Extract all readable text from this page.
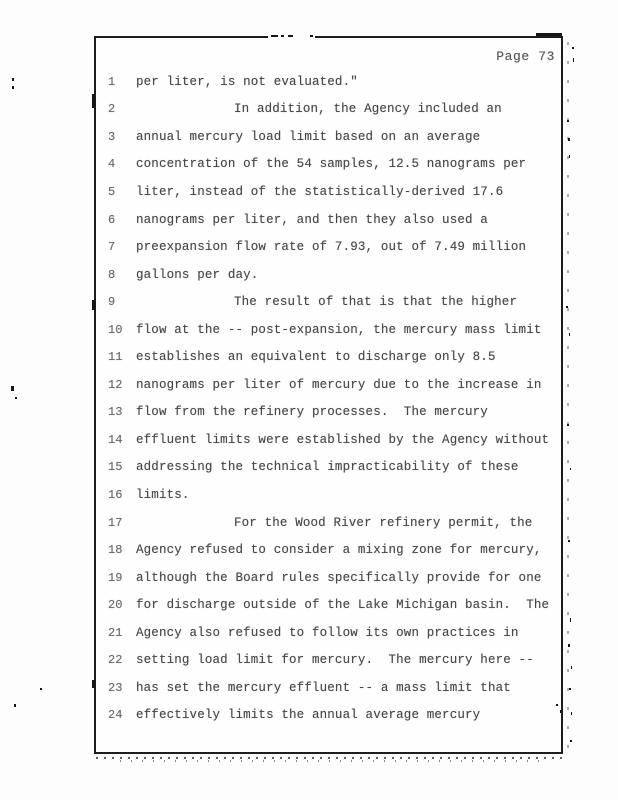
Page 73
1	per liter, is not evaluated."
2	In addition, the Agency included an
3	annual mercury load limit based on an average
4	concentration of the 54 samples, 12.5 nanograms per
5	liter, instead of the statistically-derived 17.6
6	nanograms per liter, and then they also used a
7	preexpansion flow rate of 7.93, out of 7.49 million
8	gallons per day.
9	The result of that is that the higher
10	flow at the -- post-expansion, the mercury mass limit
11	establishes an equivalent to discharge only 8.5
12	nanograms per liter of mercury due to the increase in
13	flow from the refinery processes.  The mercury
14	effluent limits were established by the Agency without
15	addressing the technical impracticability of these
16	limits.
17	For the Wood River refinery permit, the
18	Agency refused to consider a mixing zone for mercury,
19	although the Board rules specifically provide for one
20	for discharge outside of the Lake Michigan basin.  The
21	Agency also refused to follow its own practices in
22	setting load limit for mercury.  The mercury here --
23	has set the mercury effluent -- a mass limit that
24	effectively limits the annual average mercury
